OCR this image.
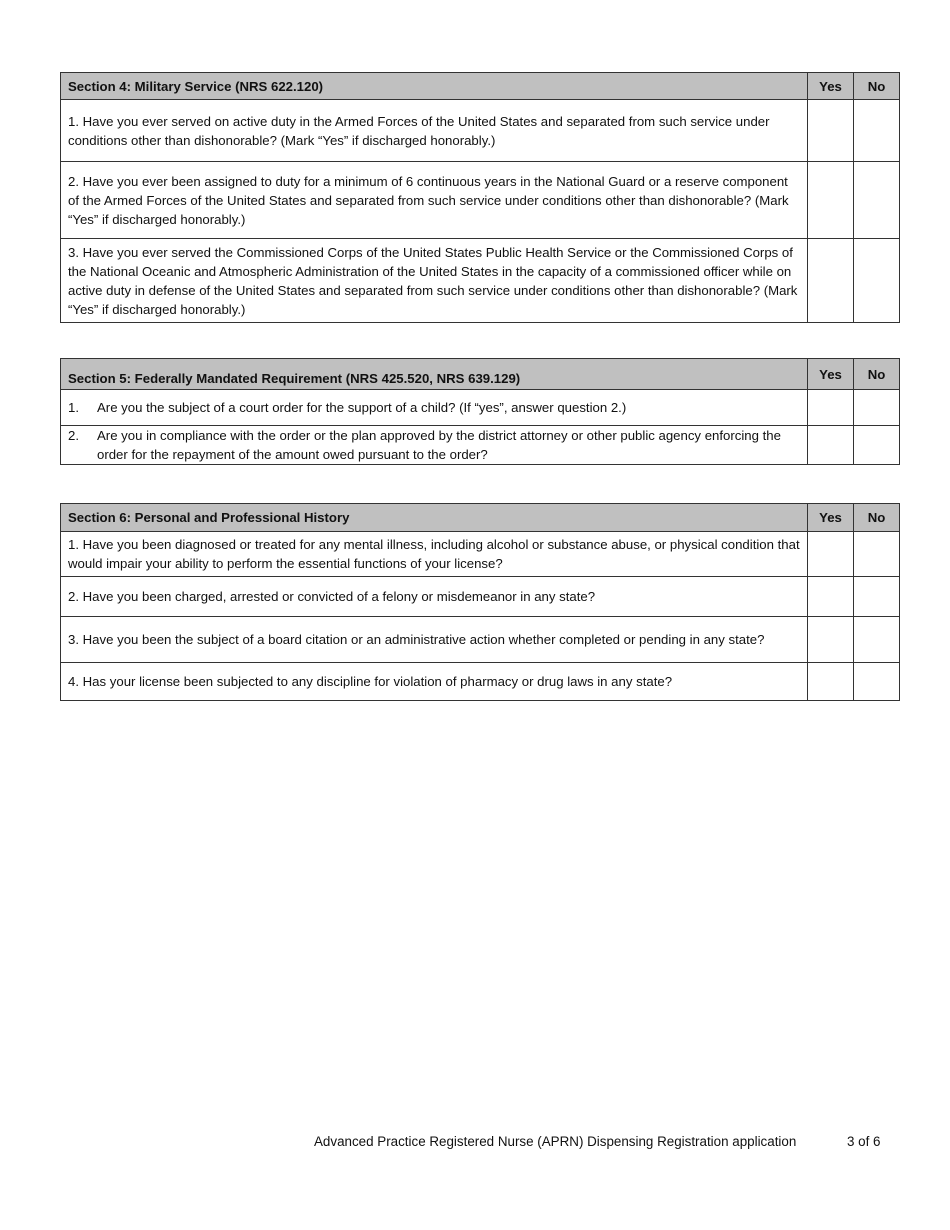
Section 4: Military Service (NRS 622.120)	Yes	No
1. Have you ever served on active duty in the Armed Forces of the United States and separated from such service under conditions other than dishonorable? (Mark “Yes” if discharged honorably.)		
2. Have you ever been assigned to duty for a minimum of 6 continuous years in the National Guard or a reserve component of the Armed Forces of the United States and separated from such service under conditions other than dishonorable? (Mark “Yes” if discharged honorably.)		
3. Have you ever served the Commissioned Corps of the United States Public Health Service or the Commissioned Corps of the National Oceanic and Atmospheric Administration of the United States in the capacity of a commissioned officer while on active duty in defense of the United States and separated from such service under conditions other than dishonorable? (Mark “Yes” if discharged honorably.)		
Section 5: Federally Mandated Requirement (NRS 425.520, NRS 639.129)	Yes	No

1. Are you the subject of a court order for the support of a child? (If “yes”, answer question 2.)		

2. Are you in compliance with the order or the plan approved by the district attorney or other public agency enforcing the order for the repayment of the amount owed pursuant to the order?		

Section 6: Personal and Professional History	Yes	No
1. Have you been diagnosed or treated for any mental illness, including alcohol or substance abuse, or physical condition that would impair your ability to perform the essential functions of your license?		
2. Have you been charged, arrested or convicted of a felony or misdemeanor in any state?		
3. Have you been the subject of a board citation or an administrative action whether completed or pending in any state?		
4. Has your license been subjected to any discipline for violation of pharmacy or drug laws in any state?		
Advanced Practice Registered Nurse (APRN) Dispensing Registration application	3 of 6
